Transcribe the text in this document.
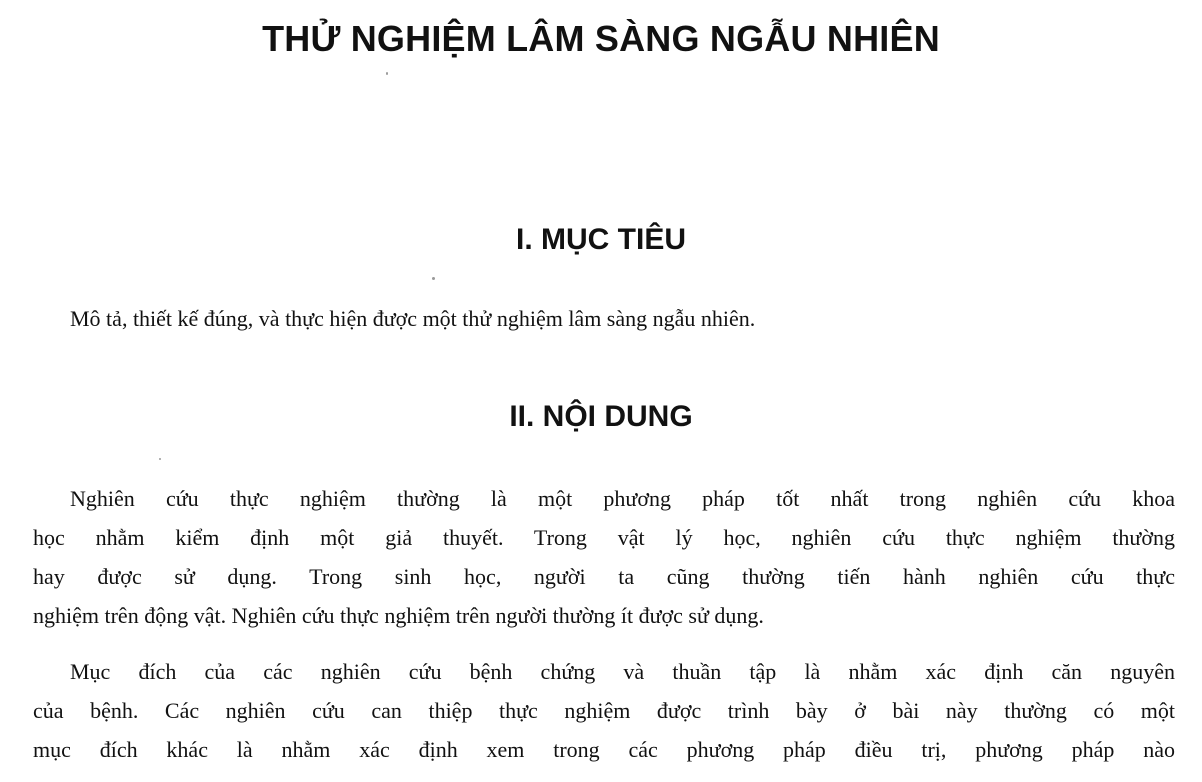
THỬ NGHIỆM LÂM SÀNG NGẪU NHIÊN
I. MỤC TIÊU

Mô tả, thiết kế đúng, và thực hiện được một thử nghiệm lâm sàng ngẫu nhiên.

II. NỘI DUNG

Nghiên cứu thực nghiệm thường là một phương pháp tốt nhất trong nghiên cứu khoa

học nhằm kiểm định một giả thuyết. Trong vật lý học, nghiên cứu thực nghiệm thường

hay được sử dụng. Trong sinh học, người ta cũng thường tiến hành nghiên cứu thực

nghiệm trên động vật. Nghiên cứu thực nghiệm trên người thường ít được sử dụng.

Mục đích của các nghiên cứu bệnh chứng và thuần tập là nhằm xác định căn nguyên

của bệnh. Các nghiên cứu can thiệp thực nghiệm được trình bày ở bài này thường có một

mục đích khác là nhằm xác định xem trong các phương pháp điều trị, phương pháp nào
